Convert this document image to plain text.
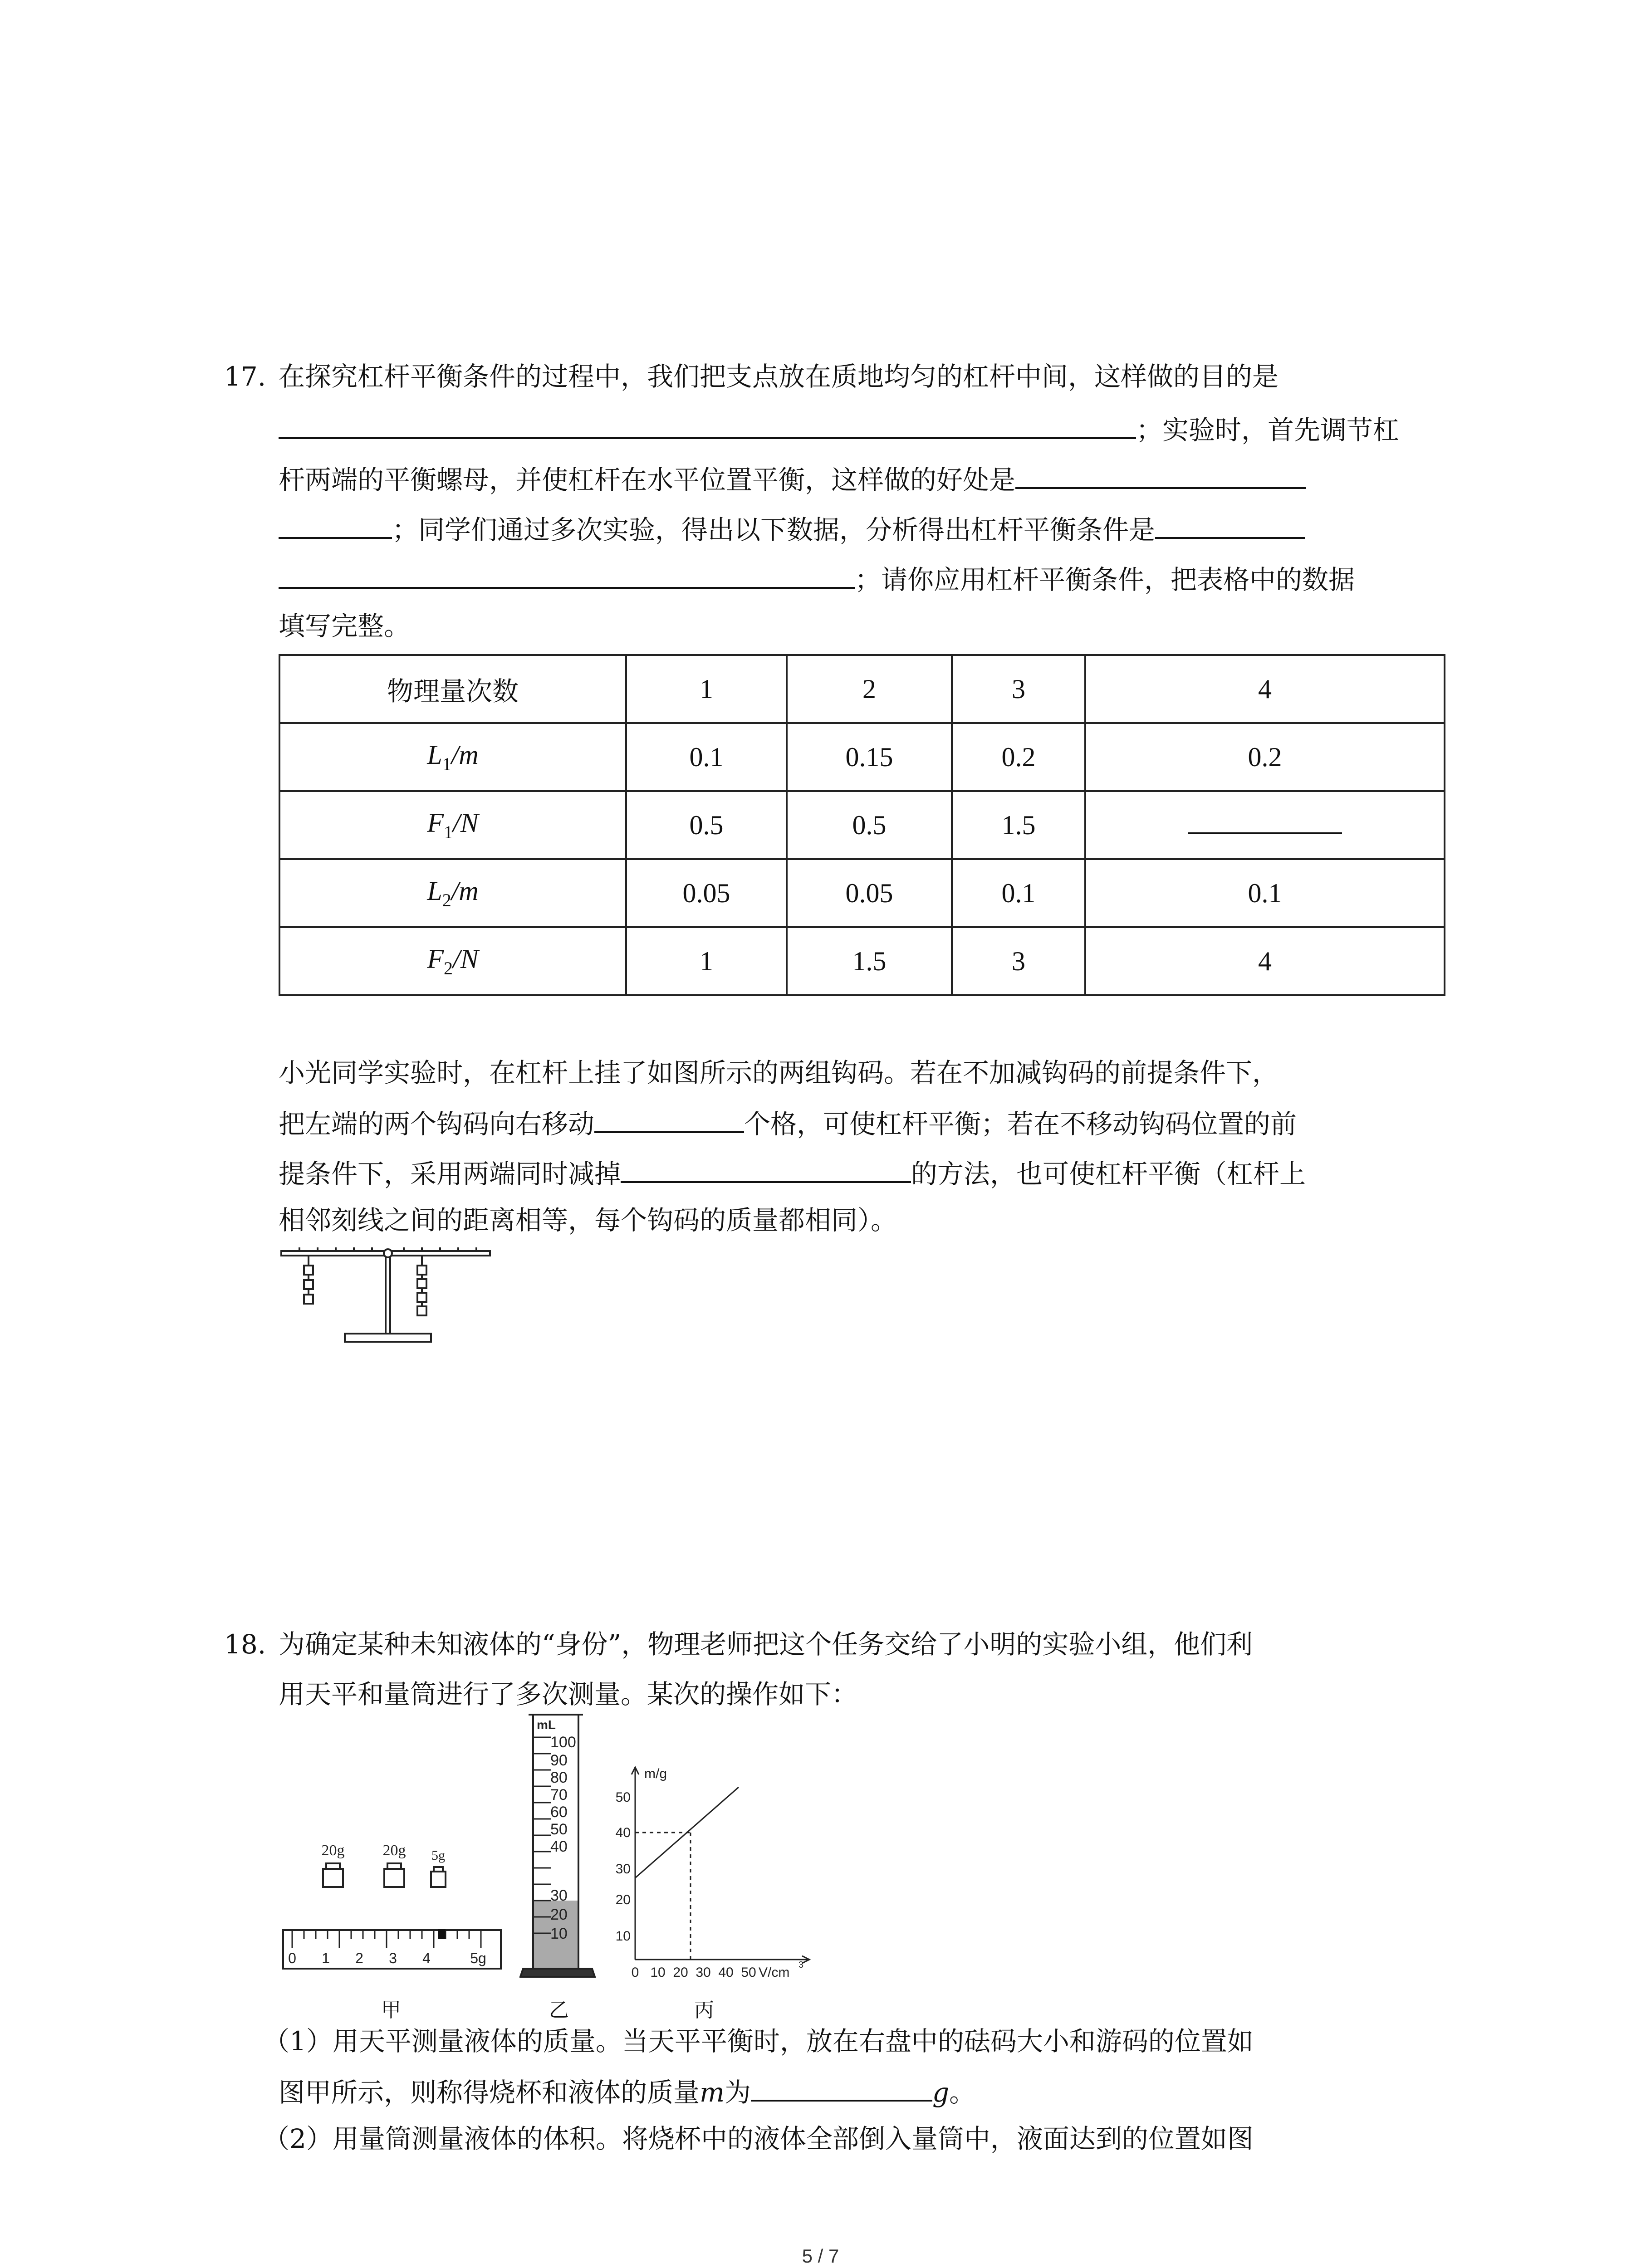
17. 在探究杠杆平衡条件的过程中，我们把支点放在质地均匀的杠杆中间，这样做的目的是
；实验时，首先调节杠
杆两端的平衡螺母，并使杠杆在水平位置平衡，这样做的好处是
；同学们通过多次实验，得出以下数据，分析得出杠杆平衡条件是
；请你应用杠杆平衡条件，把表格中的数据
填写完整。
物理量次数	1	2	3	4
$L_1/m$	0.1	0.15	0.2	0.2
$F_1/N$	0.5	0.5	1.5	
$L_2/m$	0.05	0.05	0.1	0.1
$F_2/N$	1	1.5	3	4
小光同学实验时，在杠杆上挂了如图所示的两组钩码。若在不加减钩码的前提条件下，
把左端的两个钩码向右移动	个格，可使杠杆平衡；若在不移动钩码位置的前
提条件下，采用两端同时减掉	的方法，也可使杠杆平衡（杠杆上
相邻刻线之间的距离相等，每个钩码的质量都相同）。
18. 为确定某种未知液体的“身份”，物理老师把这个任务交给了小明的实验小组，他们利
用天平和量筒进行了多次测量。某次的操作如下：
20g 20g 5g
0 1 2 3 4	5g
甲
mL
100
90
80
70
60
50
40
30
20
10
乙
m/g
10
20
30
40
50
0 10 20 30 40 50 V/cm 3
丙
（1）用天平测量液体的质量。当天平平衡时，放在右盘中的砝码大小和游码的位置如
图甲所示，则称得烧杯和液体的质量m为	g。
（2）用量筒测量液体的体积。将烧杯中的液体全部倒入量筒中，液面达到的位置如图
5 / 7
